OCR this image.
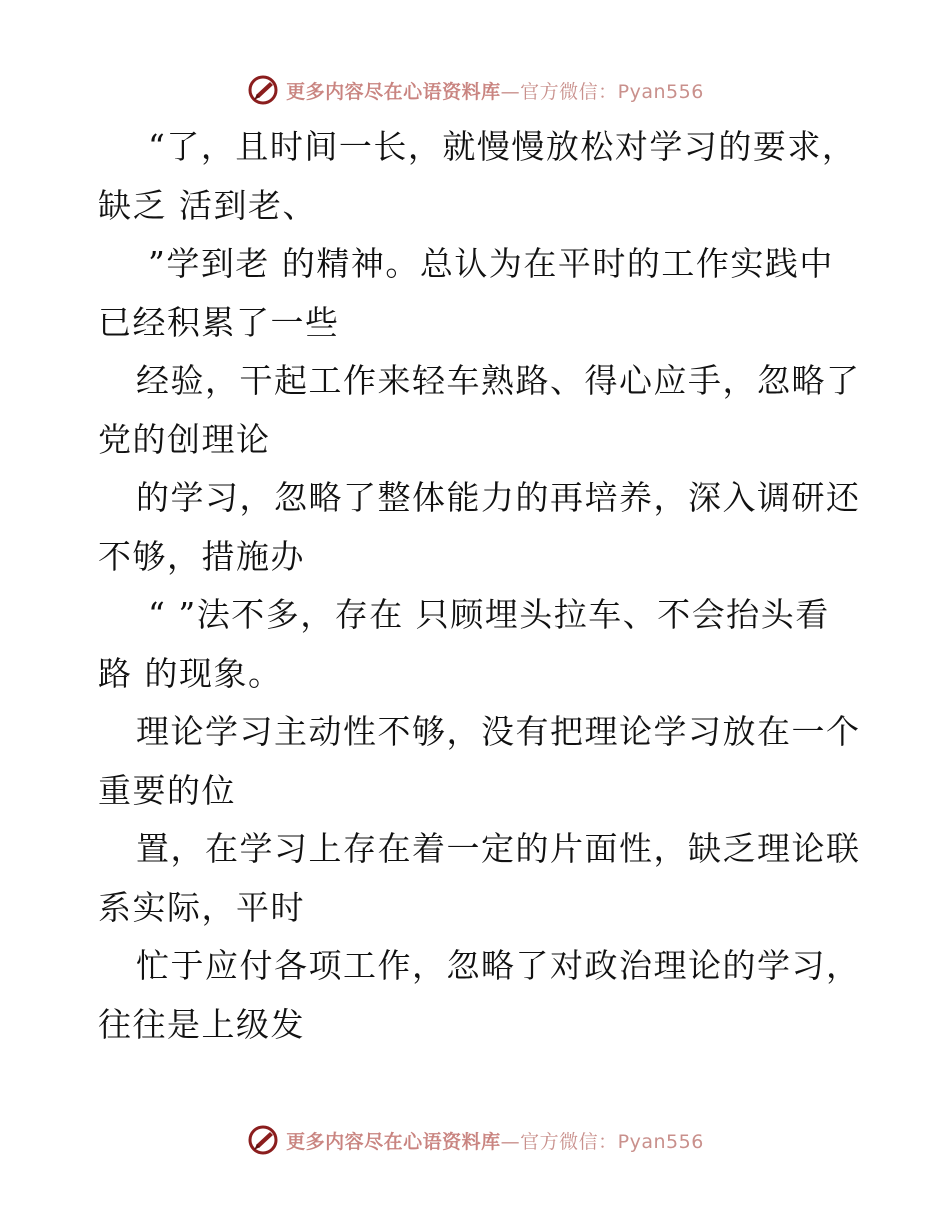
更多内容尽在心语资料库—官方微信：Pyan556
“了，且时间一长，就慢慢放松对学习的要求，
缺乏 活到老、
”学到老 的精神。总认为在平时的工作实践中
已经积累了一些
经验，干起工作来轻车熟路、得心应手，忽略了
党的创理论
的学习，忽略了整体能力的再培养，深入调研还
不够，措施办
“ ”法不多，存在 只顾埋头拉车、不会抬头看
路 的现象。
理论学习主动性不够，没有把理论学习放在一个
重要的位
置，在学习上存在着一定的片面性，缺乏理论联
系实际，平时
忙于应付各项工作，忽略了对政治理论的学习，
往往是上级发
更多内容尽在心语资料库—官方微信：Pyan556
